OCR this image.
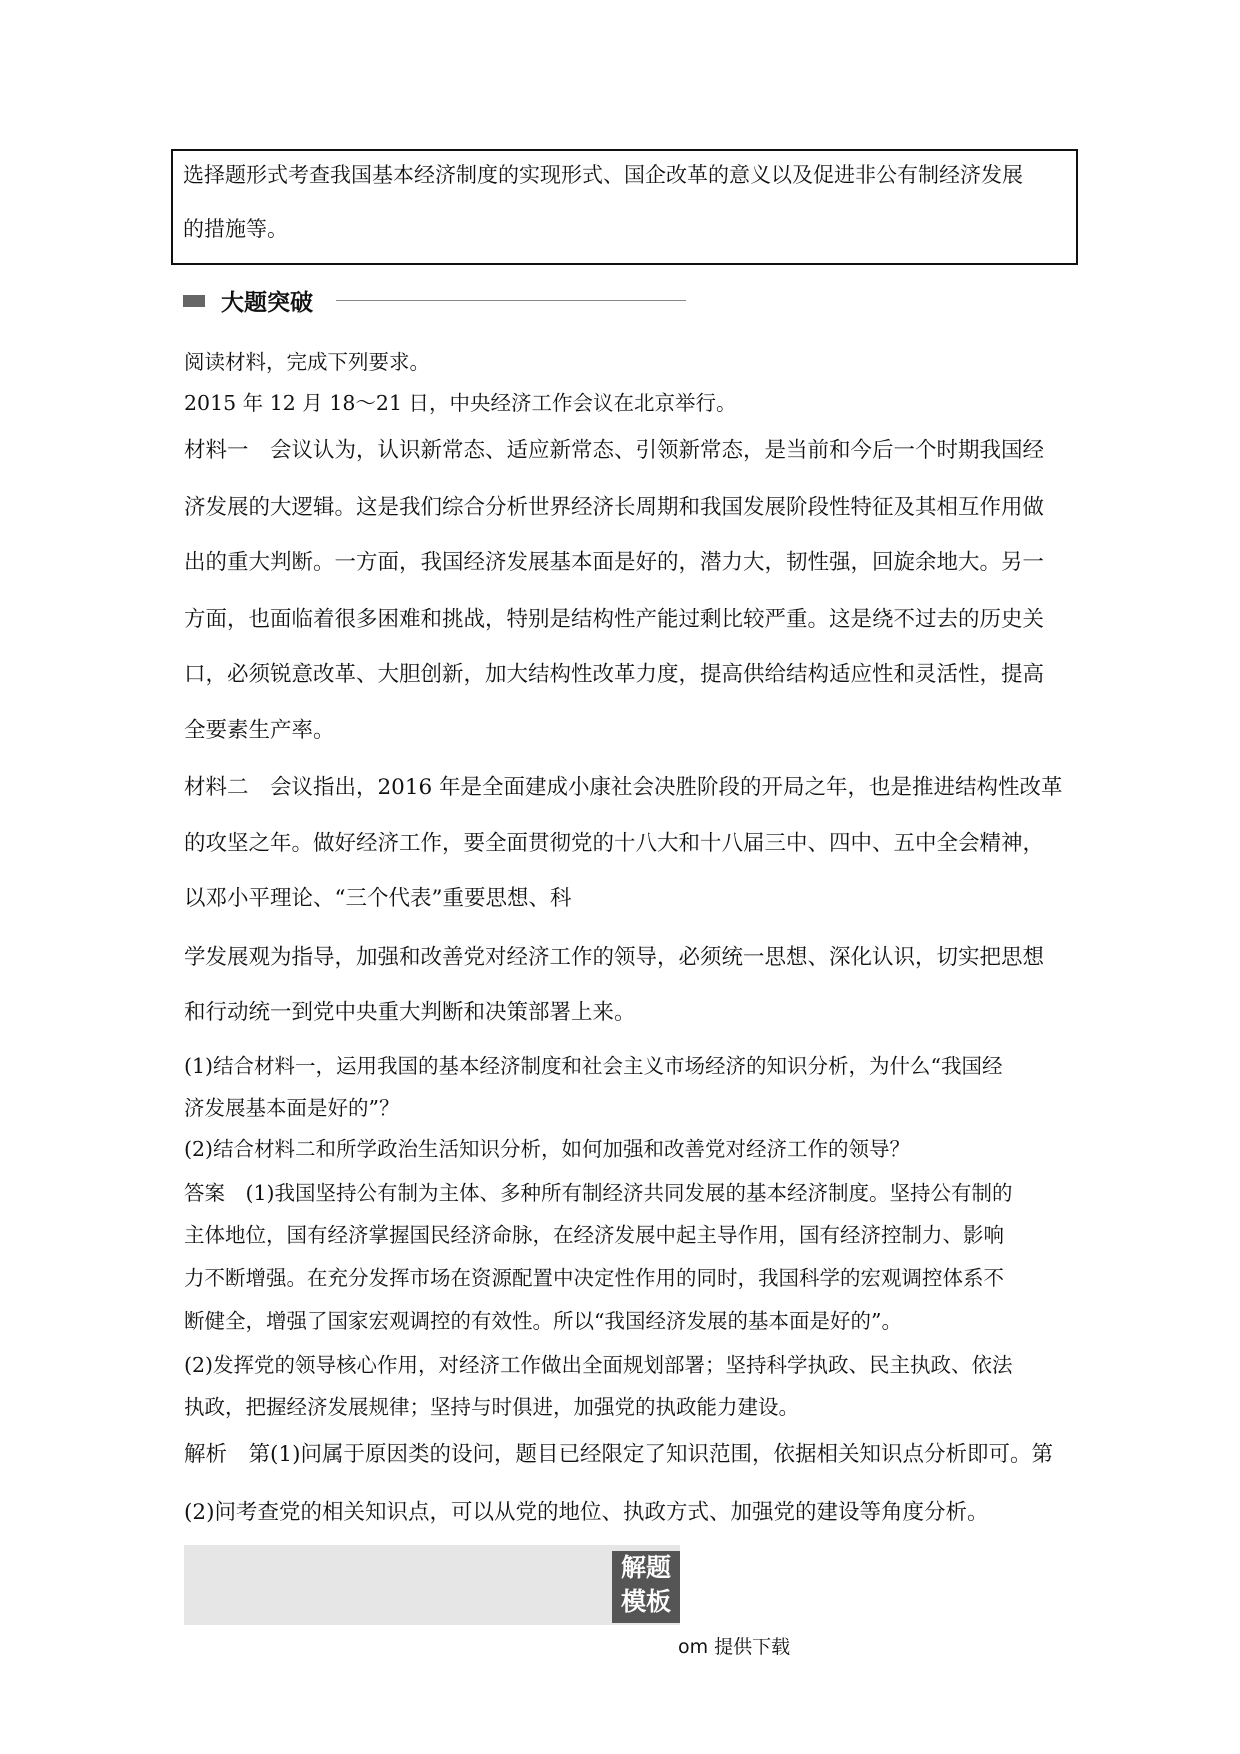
选择题形式考查我国基本经济制度的实现形式、国企改革的意义以及促进非公有制经济发展
的措施等。
大题突破
阅读材料，完成下列要求。
2015 年 12 月 18～21 日，中央经济工作会议在北京举行。
材料一　会议认为，认识新常态、适应新常态、引领新常态，是当前和今后一个时期我国经
济发展的大逻辑。这是我们综合分析世界经济长周期和我国发展阶段性特征及其相互作用做
出的重大判断。一方面，我国经济发展基本面是好的，潜力大，韧性强，回旋余地大。另一
方面，也面临着很多困难和挑战，特别是结构性产能过剩比较严重。这是绕不过去的历史关
口，必须锐意改革、大胆创新，加大结构性改革力度，提高供给结构适应性和灵活性，提高
全要素生产率。
材料二　会议指出，2016 年是全面建成小康社会决胜阶段的开局之年，也是推进结构性改革
的攻坚之年。做好经济工作，要全面贯彻党的十八大和十八届三中、四中、五中全会精神，
以邓小平理论、“三个代表”重要思想、科
学发展观为指导，加强和改善党对经济工作的领导，必须统一思想、深化认识，切实把思想
和行动统一到党中央重大判断和决策部署上来。
(1)结合材料一，运用我国的基本经济制度和社会主义市场经济的知识分析，为什么“我国经
济发展基本面是好的”？
(2)结合材料二和所学政治生活知识分析，如何加强和改善党对经济工作的领导？
答案　(1)我国坚持公有制为主体、多种所有制经济共同发展的基本经济制度。坚持公有制的
主体地位，国有经济掌握国民经济命脉，在经济发展中起主导作用，国有经济控制力、影响
力不断增强。在充分发挥市场在资源配置中决定性作用的同时，我国科学的宏观调控体系不
断健全，增强了国家宏观调控的有效性。所以“我国经济发展的基本面是好的”。
(2)发挥党的领导核心作用，对经济工作做出全面规划部署；坚持科学执政、民主执政、依法
执政，把握经济发展规律；坚持与时俱进，加强党的执政能力建设。
解析　第(1)问属于原因类的设问，题目已经限定了知识范围，依据相关知识点分析即可。第
(2)问考查党的相关知识点，可以从党的地位、执政方式、加强党的建设等角度分析。
解题
模板
om 提供下载
